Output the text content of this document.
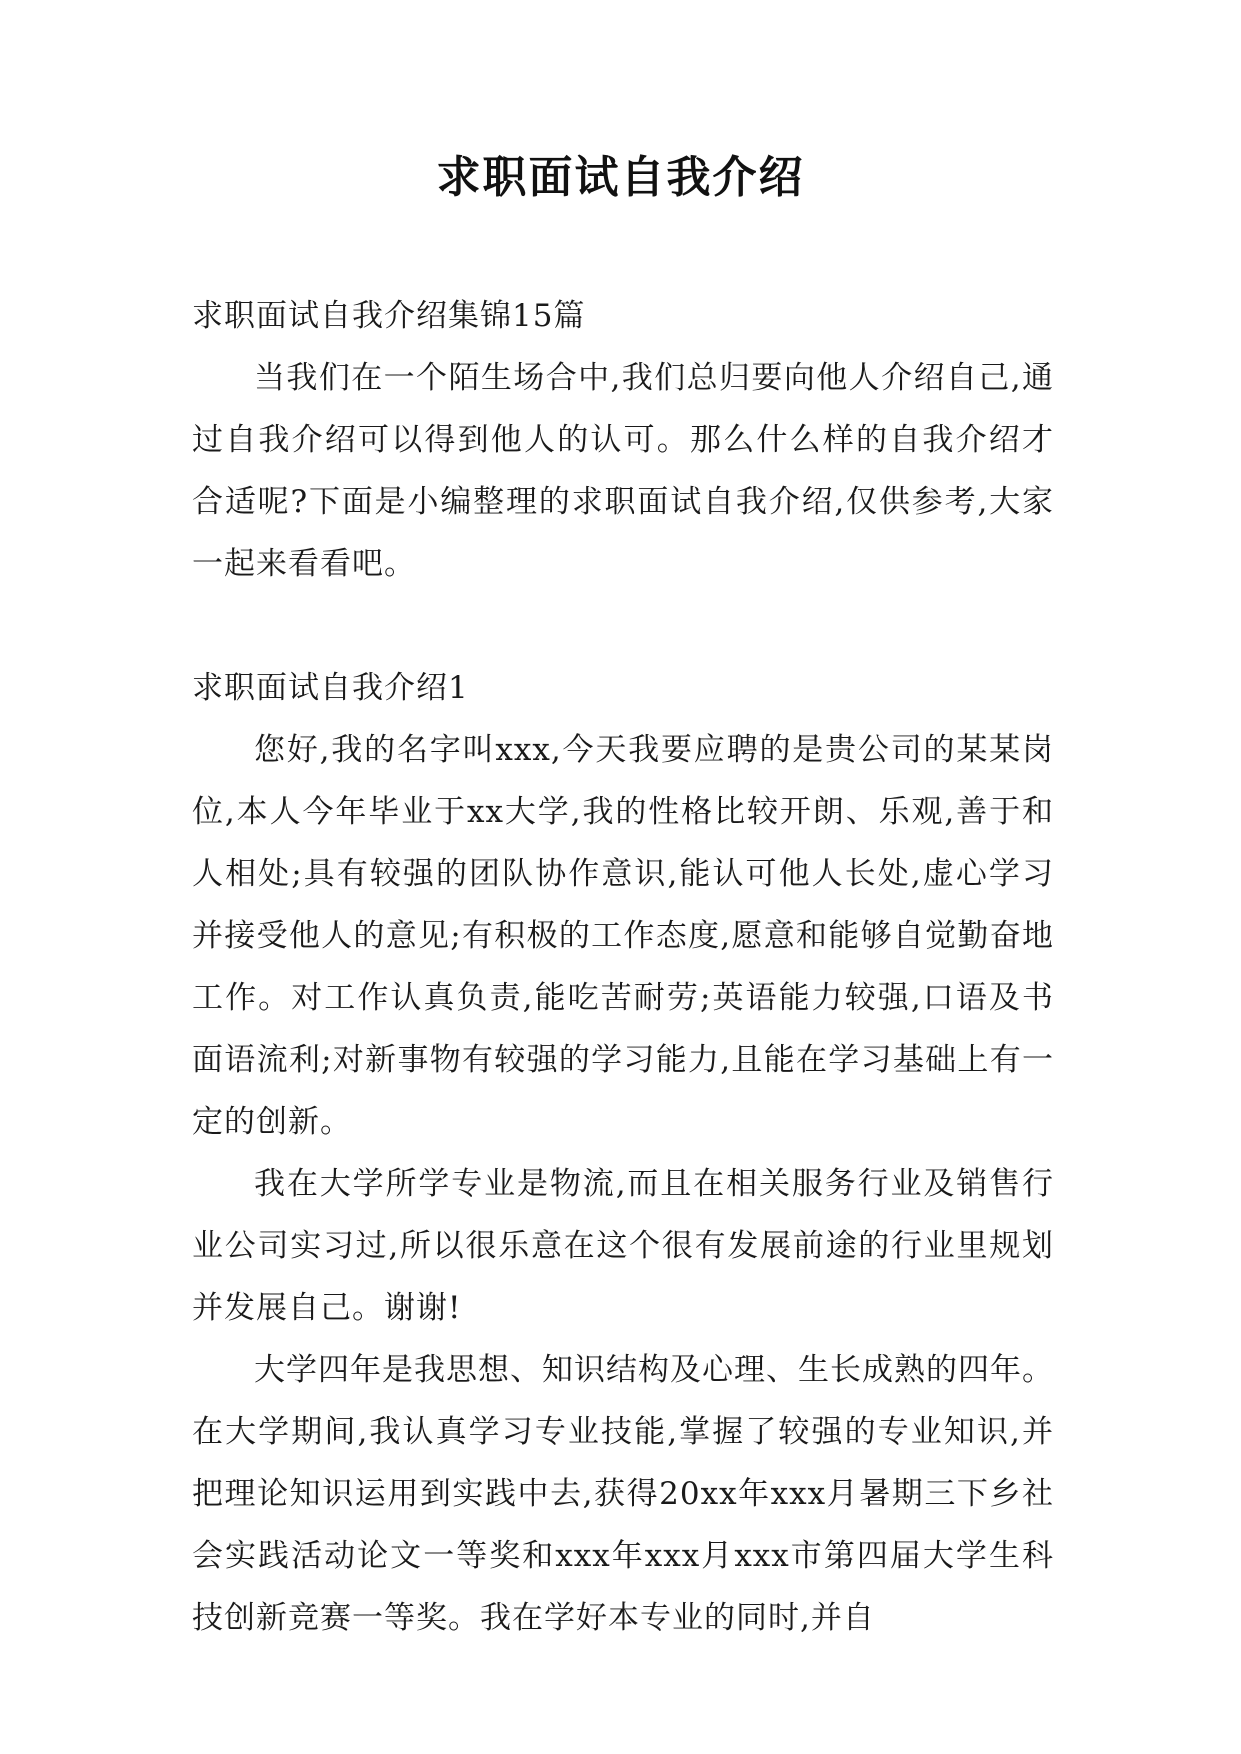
求职面试自我介绍

求职面试自我介绍集锦15篇

当我们在一个陌生场合中,我们总归要向他人介绍自己,通过自我介绍可以得到他人的认可。那么什么样的自我介绍才合适呢?下面是小编整理的求职面试自我介绍,仅供参考,大家一起来看看吧。

求职面试自我介绍1

您好,我的名字叫xxx,今天我要应聘的是贵公司的某某岗位,本人今年毕业于xx大学,我的性格比较开朗、乐观,善于和人相处;具有较强的团队协作意识,能认可他人长处,虚心学习并接受他人的意见;有积极的工作态度,愿意和能够自觉勤奋地工作。对工作认真负责,能吃苦耐劳;英语能力较强,口语及书面语流利;对新事物有较强的学习能力,且能在学习基础上有一定的创新。

我在大学所学专业是物流,而且在相关服务行业及销售行业公司实习过,所以很乐意在这个很有发展前途的行业里规划并发展自己。谢谢!

大学四年是我思想、知识结构及心理、生长成熟的四年。在大学期间,我认真学习专业技能,掌握了较强的专业知识,并把理论知识运用到实践中去,获得20xx年xxx月暑期三下乡社会实践活动论文一等奖和xxx年xxx月xxx市第四届大学生科技创新竞赛一等奖。我在学好本专业的同时,并自
